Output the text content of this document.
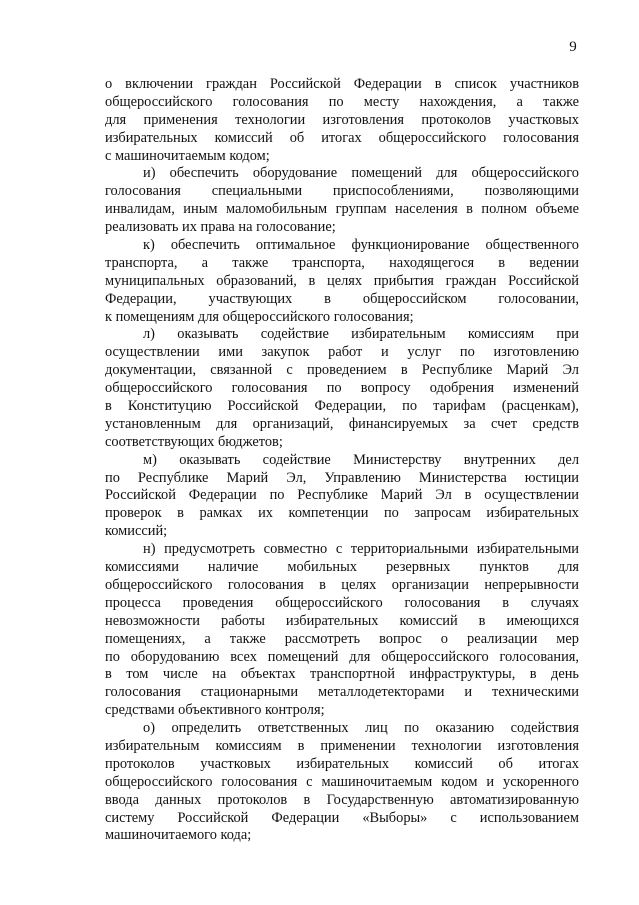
9
о включении граждан Российской Федерации в список участников
общероссийского голосования по месту нахождения, а также
для применения технологии изготовления протоколов участковых
избирательных комиссий об итогах общероссийского голосования
с машиночитаемым кодом;
и) обеспечить оборудование помещений для общероссийского
голосования специальными приспособлениями, позволяющими
инвалидам, иным маломобильным группам населения в полном объеме
реализовать их права на голосование;
к) обеспечить оптимальное функционирование общественного
транспорта, а также транспорта, находящегося в ведении
муниципальных образований, в целях прибытия граждан Российской
Федерации, участвующих в общероссийском голосовании,
к помещениям для общероссийского голосования;
л) оказывать содействие избирательным комиссиям при
осуществлении ими закупок работ и услуг по изготовлению
документации, связанной с проведением в Республике Марий Эл
общероссийского голосования по вопросу одобрения изменений
в Конституцию Российской Федерации, по тарифам (расценкам),
установленным для организаций, финансируемых за счет средств
соответствующих бюджетов;
м) оказывать содействие Министерству внутренних дел
по Республике Марий Эл, Управлению Министерства юстиции
Российской Федерации по Республике Марий Эл в осуществлении
проверок в рамках их компетенции по запросам избирательных
комиссий;
н) предусмотреть совместно с территориальными избирательными
комиссиями наличие мобильных резервных пунктов для
общероссийского голосования в целях организации непрерывности
процесса проведения общероссийского голосования в случаях
невозможности работы избирательных комиссий в имеющихся
помещениях, а также рассмотреть вопрос о реализации мер
по оборудованию всех помещений для общероссийского голосования,
в том числе на объектах транспортной инфраструктуры, в день
голосования стационарными металлодетекторами и техническими
средствами объективного контроля;
о) определить ответственных лиц по оказанию содействия
избирательным комиссиям в применении технологии изготовления
протоколов участковых избирательных комиссий об итогах
общероссийского голосования с машиночитаемым кодом и ускоренного
ввода данных протоколов в Государственную автоматизированную
систему Российской Федерации «Выборы» с использованием
машиночитаемого кода;
